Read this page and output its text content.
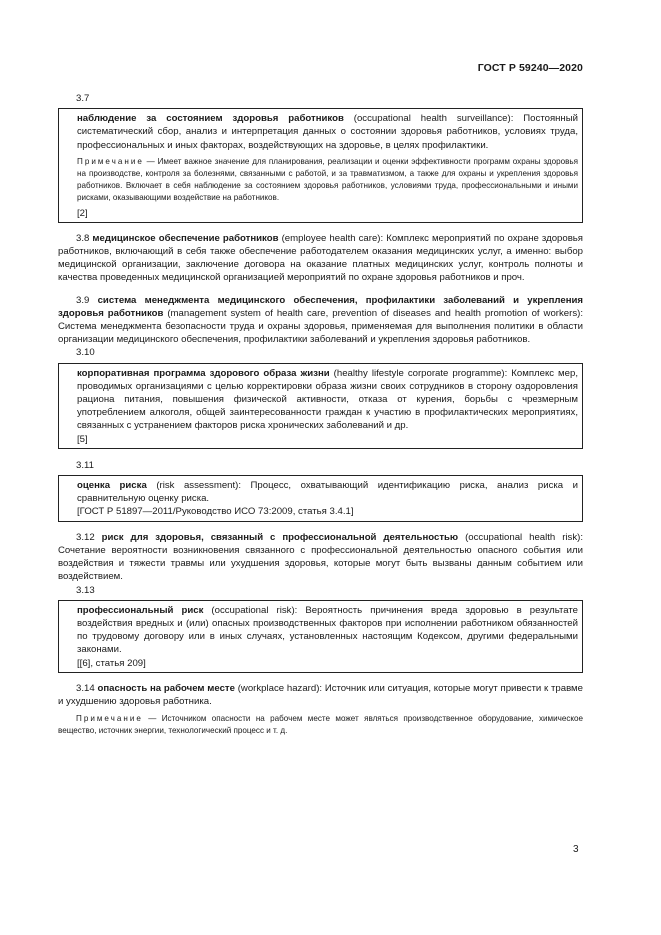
ГОСТ Р 59240—2020
3.7
наблюдение за состоянием здоровья работников (occupational health surveillance): Постоянный систематический сбор, анализ и интерпретация данных о состоянии здоровья работников, условиях труда, профессиональных и иных факторах, воздействующих на здоровье, в целях профилактики.
Примечание — Имеет важное значение для планирования, реализации и оценки эффективности программ охраны здоровья на производстве, контроля за болезнями, связанными с работой, и за травматизмом, а также для охраны и укрепления здоровья работников. Включает в себя наблюдение за состоянием здоровья работников, условиями труда, профессиональными и иными рисками, оказывающими воздействие на работников.
[2]
3.8 медицинское обеспечение работников (employee health care): Комплекс мероприятий по охране здоровья работников, включающий в себя также обеспечение работодателем оказания медицинских услуг, а именно: выбор медицинской организации, заключение договора на оказание платных медицинских услуг, контроль полноты и качества проведенных медицинской организацией мероприятий по охране здоровья работников и проч.
3.9 система менеджмента медицинского обеспечения, профилактики заболеваний и укрепления здоровья работников (management system of health care, prevention of diseases and health promotion of workers): Система менеджмента безопасности труда и охраны здоровья, применяемая для выполнения политики в области организации медицинского обеспечения, профилактики заболеваний и укрепления здоровья работников.
3.10
корпоративная программа здорового образа жизни (healthy lifestyle corporate programme): Комплекс мер, проводимых организациями с целью корректировки образа жизни своих сотрудников в сторону оздоровления рациона питания, повышения физической активности, отказа от курения, борьбы с чрезмерным употреблением алкоголя, общей заинтересованности граждан к участию в профилактических мероприятиях, связанных с устранением факторов риска хронических заболеваний и др.
[5]
3.11
оценка риска (risk assessment): Процесс, охватывающий идентификацию риска, анализ риска и сравнительную оценку риска.
[ГОСТ Р 51897—2011/Руководство ИСО 73:2009, статья 3.4.1]
3.12 риск для здоровья, связанный с профессиональной деятельностью (occupational health risk): Сочетание вероятности возникновения связанного с профессиональной деятельностью опасного события или воздействия и тяжести травмы или ухудшения здоровья, которые могут быть вызваны данным событием или воздействием.
3.13
профессиональный риск (occupational risk): Вероятность причинения вреда здоровью в результате воздействия вредных и (или) опасных производственных факторов при исполнении работником обязанностей по трудовому договору или в иных случаях, установленных настоящим Кодексом, другими федеральными законами.
[[6], статья 209]
3.14 опасность на рабочем месте (workplace hazard): Источник или ситуация, которые могут привести к травме и ухудшению здоровья работника.
Примечание — Источником опасности на рабочем месте может являться производственное оборудование, химическое вещество, источник энергии, технологический процесс и т. д.
3
